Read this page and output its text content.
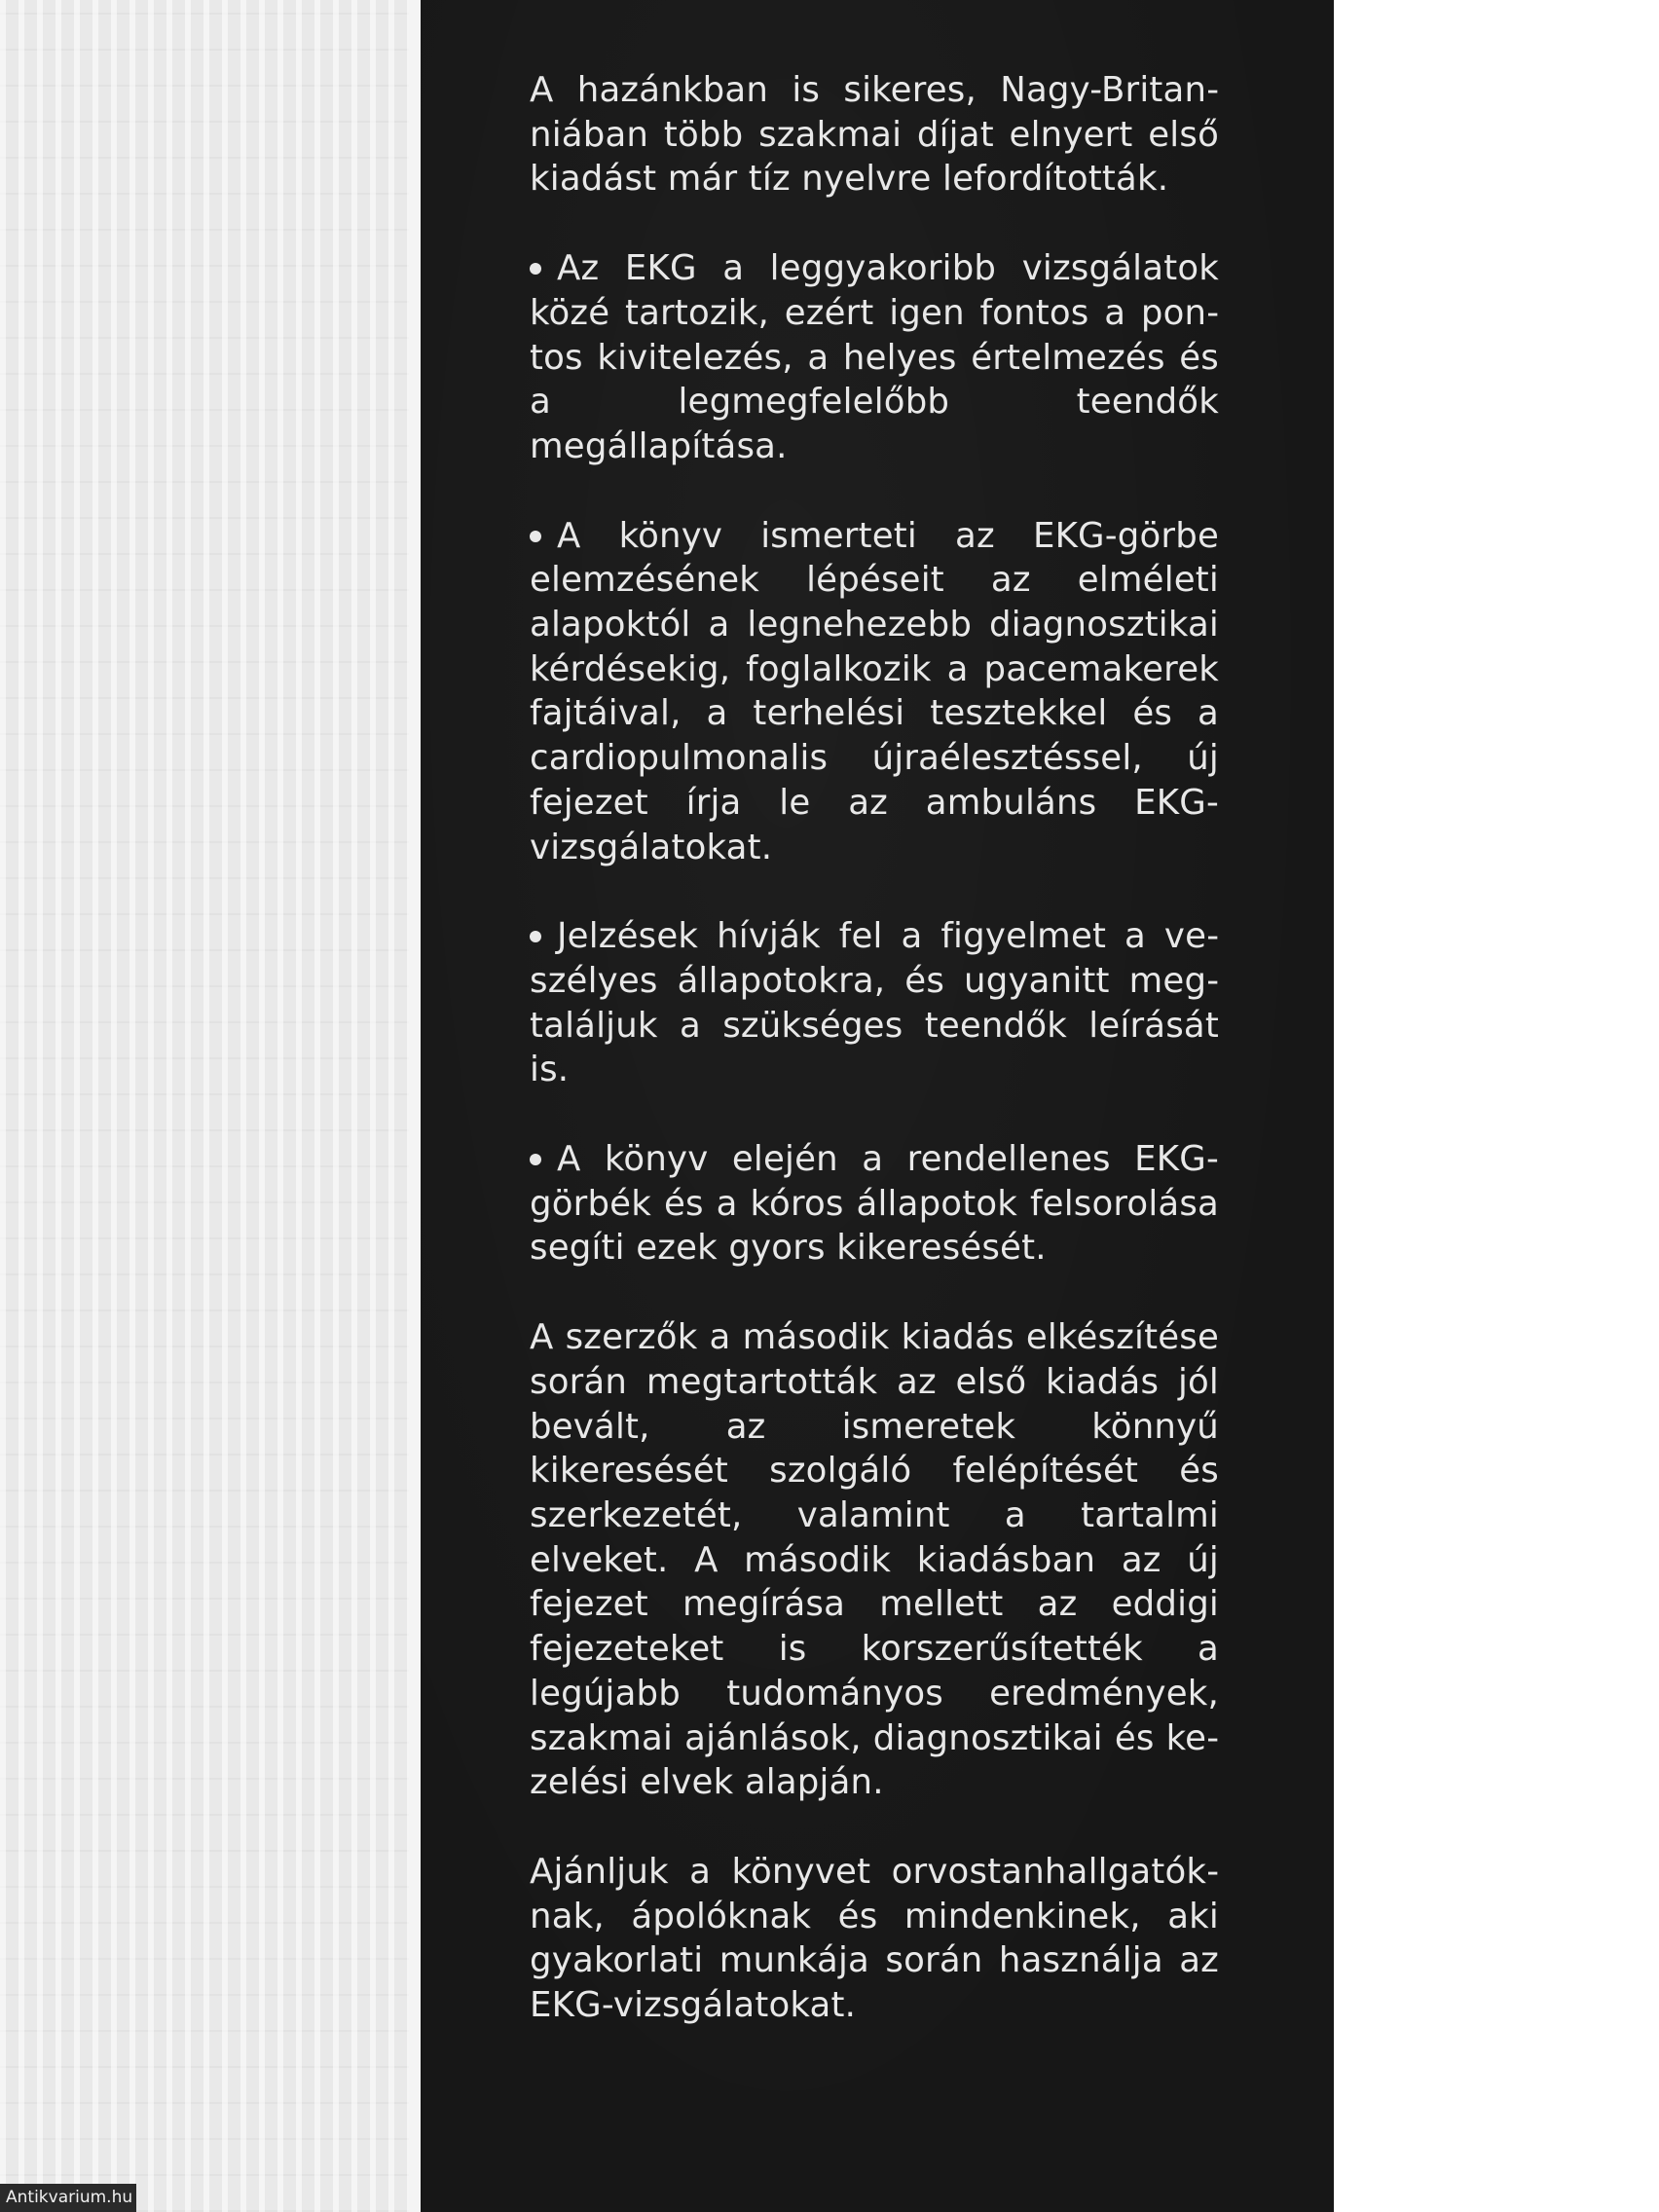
A hazánkban is sikeres, Nagy-Britanniában több szakmai díjat elnyert első kiadást már tíz nyelvre lefordították.

Az EKG a leggyakoribb vizsgálatok közé tartozik, ezért igen fontos a pontos kivitelezés, a helyes értelmezés és a legmegfelelőbb teendők megállapítása.

A könyv ismerteti az EKG-görbe elemzésének lépéseit az elméleti alapoktól a legnehezebb diagnosztikai kérdésekig, foglalkozik a pacemakerek fajtáival, a terhelési tesztekkel és a cardiopulmonalis újraélesztéssel, új fejezet írja le az ambuláns EKG-vizsgálatokat.

Jelzések hívják fel a figyelmet a veszélyes állapotokra, és ugyanitt megtaláljuk a szükséges teendők leírását is.

A könyv elején a rendellenes EKG-görbék és a kóros állapotok felsorolása segíti ezek gyors kikeresését.

A szerzők a második kiadás elkészítése során megtartották az első kiadás jól bevált, az ismeretek könnyű kikeresését szolgáló felépítését és szerkezetét, valamint a tartalmi elveket. A második kiadásban az új fejezet megírása mellett az eddigi fejezeteket is korszerűsítették a legújabb tudományos eredmények, szakmai ajánlások, diagnosztikai és kezelési elvek alapján.

Ajánljuk a könyvet orvostanhallgatóknak, ápolóknak és mindenkinek, aki gyakorlati munkája során használja az EKG-vizsgálatokat.

Antikvarium.hu
